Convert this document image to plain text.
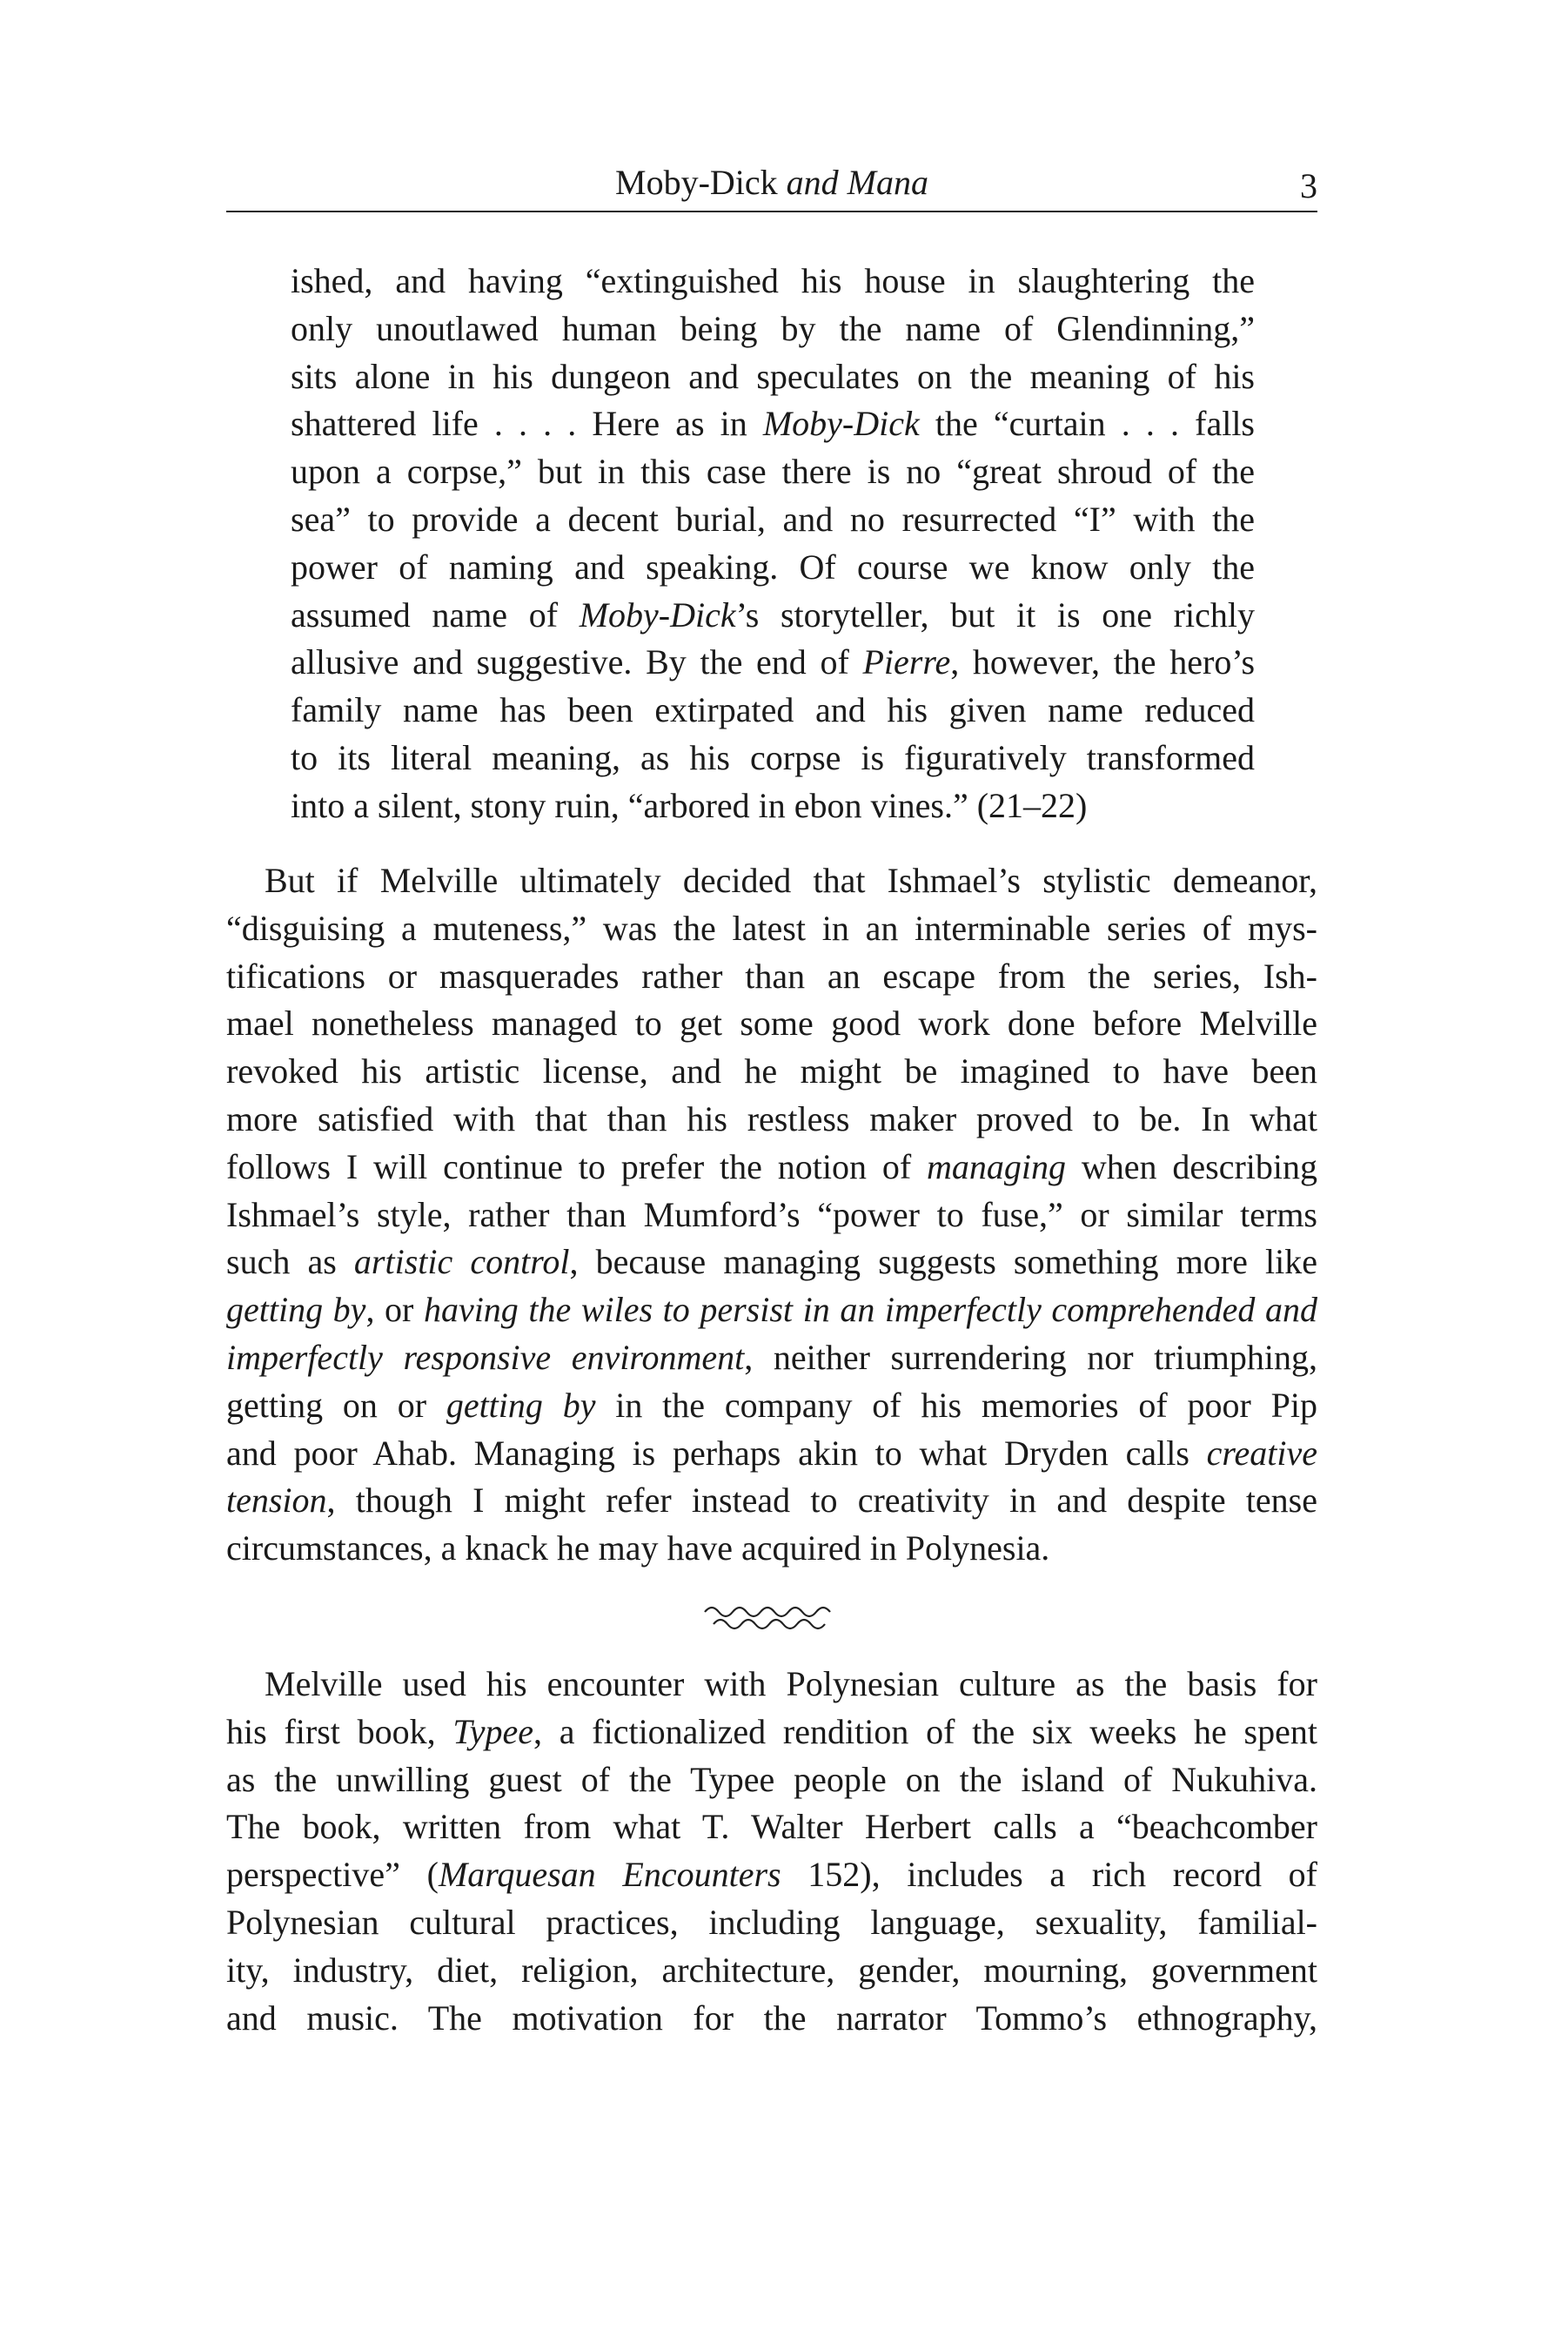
Moby-Dick and Mana	3
ished, and having “extinguished his house in slaughtering the
only unoutlawed human being by the name of Glendinning,”
sits alone in his dungeon and speculates on the meaning of his
shattered life . . . . Here as in Moby-Dick the “curtain . . . falls
upon a corpse,” but in this case there is no “great shroud of the
sea” to provide a decent burial, and no resurrected “I” with the
power of naming and speaking. Of course we know only the
assumed name of Moby-Dick’s storyteller, but it is one richly
allusive and suggestive. By the end of Pierre, however, the hero’s
family name has been extirpated and his given name reduced
to its literal meaning, as his corpse is figuratively transformed
into a silent, stony ruin, “arbored in ebon vines.” (21–22)
But if Melville ultimately decided that Ishmael’s stylistic demeanor,
“disguising a muteness,” was the latest in an interminable series of mys-
tifications or masquerades rather than an escape from the series, Ish-
mael nonetheless managed to get some good work done before Melville
revoked his artistic license, and he might be imagined to have been
more satisfied with that than his restless maker proved to be. In what
follows I will continue to prefer the notion of managing when describing
Ishmael’s style, rather than Mumford’s “power to fuse,” or similar terms
such as artistic control, because managing suggests something more like
getting by, or having the wiles to persist in an imperfectly comprehended and
imperfectly responsive environment, neither surrendering nor triumphing,
getting on or getting by in the company of his memories of poor Pip
and poor Ahab. Managing is perhaps akin to what Dryden calls creative
tension, though I might refer instead to creativity in and despite tense
circumstances, a knack he may have acquired in Polynesia.
Melville used his encounter with Polynesian culture as the basis for
his first book, Typee, a fictionalized rendition of the six weeks he spent
as the unwilling guest of the Typee people on the island of Nukuhiva.
The book, written from what T. Walter Herbert calls a “beachcomber
perspective” (Marquesan Encounters 152), includes a rich record of
Polynesian cultural practices, including language, sexuality, familial-
ity, industry, diet, religion, architecture, gender, mourning, government
and music. The motivation for the narrator Tommo’s ethnography,
